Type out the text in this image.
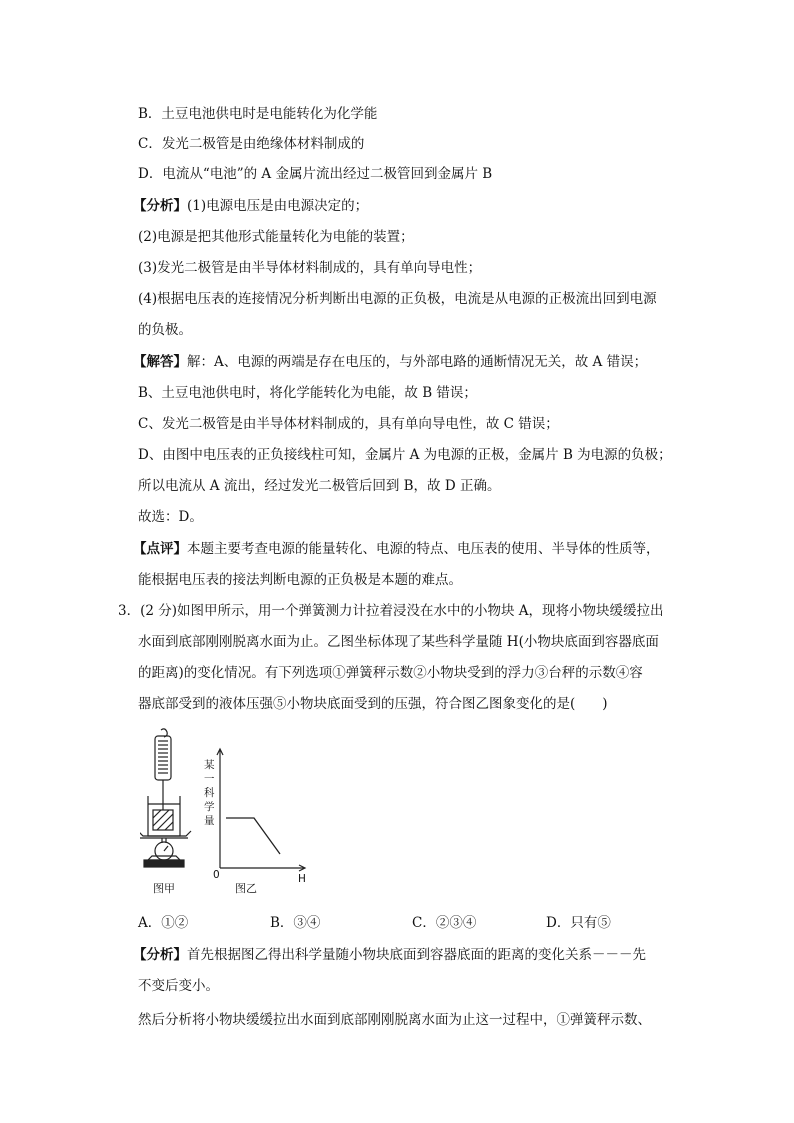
B．土豆电池供电时是电能转化为化学能
C．发光二极管是由绝缘体材料制成的
D．电流从“电池”的 A 金属片流出经过二极管回到金属片 B
【分析】(1)电源电压是由电源决定的；
(2)电源是把其他形式能量转化为电能的装置；
(3)发光二极管是由半导体材料制成的，具有单向导电性；
(4)根据电压表的连接情况分析判断出电源的正负极，电流是从电源的正极流出回到电源
的负极。
【解答】解：A、电源的两端是存在电压的，与外部电路的通断情况无关，故 A 错误；
B、土豆电池供电时，将化学能转化为电能，故 B 错误；
C、发光二极管是由半导体材料制成的，具有单向导电性，故 C 错误；
D、由图中电压表的正负接线柱可知，金属片 A 为电源的正极，金属片 B 为电源的负极；
所以电流从 A 流出，经过发光二极管后回到 B，故 D 正确。
故选：D。
【点评】本题主要考查电源的能量转化、电源的特点、电压表的使用、半导体的性质等，
能根据电压表的接法判断电源的正负极是本题的难点。
3．(2 分)如图甲所示，用一个弹簧测力计拉着浸没在水中的小物块 A，现将小物块缓缓拉出
水面到底部刚刚脱离水面为止。乙图坐标体现了某些科学量随 H(小物块底面到容器底面
的距离)的变化情况。有下列选项①弹簧秤示数②小物块受到的浮力③台秤的示数④容
器底部受到的液体压强⑤小物块底面受到的压强，符合图乙图象变化的是(　　)
图甲
某
一
科
学
量
0	H
图乙
A．①②	B．③④	C．②③④	D．只有⑤
【分析】首先根据图乙得出科学量随小物块底面到容器底面的距离的变化关系－－－先
不变后变小。
然后分析将小物块缓缓拉出水面到底部刚刚脱离水面为止这一过程中，①弹簧秤示数、
